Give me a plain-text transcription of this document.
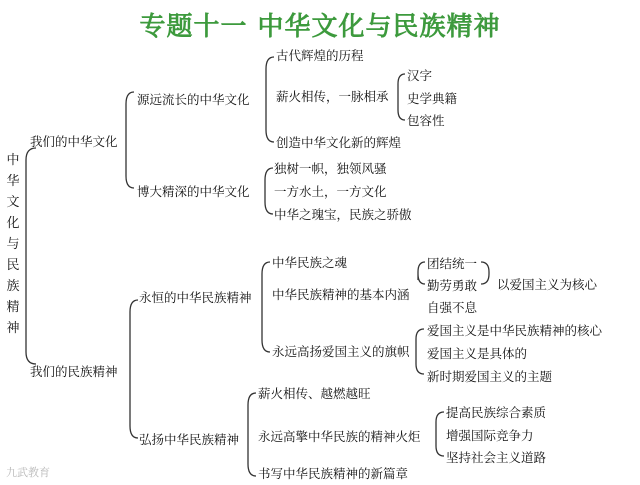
专题十一 中华文化与民族精神
中华文化与民族精神
我们的中华文化
源远流长的中华文化
古代辉煌的历程
薪火相传，一脉相承
创造中华文化新的辉煌
汉字
史学典籍
包容性
博大精深的中华文化
独树一帜，独领风骚
一方水土，一方文化
中华之瑰宝，民族之骄傲
我们的民族精神
永恒的中华民族精神
中华民族之魂
中华民族精神的基本内涵
永远高扬爱国主义的旗帜
团结统一
勤劳勇敢
自强不息
以爱国主义为核心
爱国主义是中华民族精神的核心
爱国主义是具体的
新时期爱国主义的主题
弘扬中华民族精神
薪火相传、越燃越旺
永远高擎中华民族的精神火炬
书写中华民族精神的新篇章
提高民族综合素质
增强国际竞争力
坚持社会主义道路
九武教育
